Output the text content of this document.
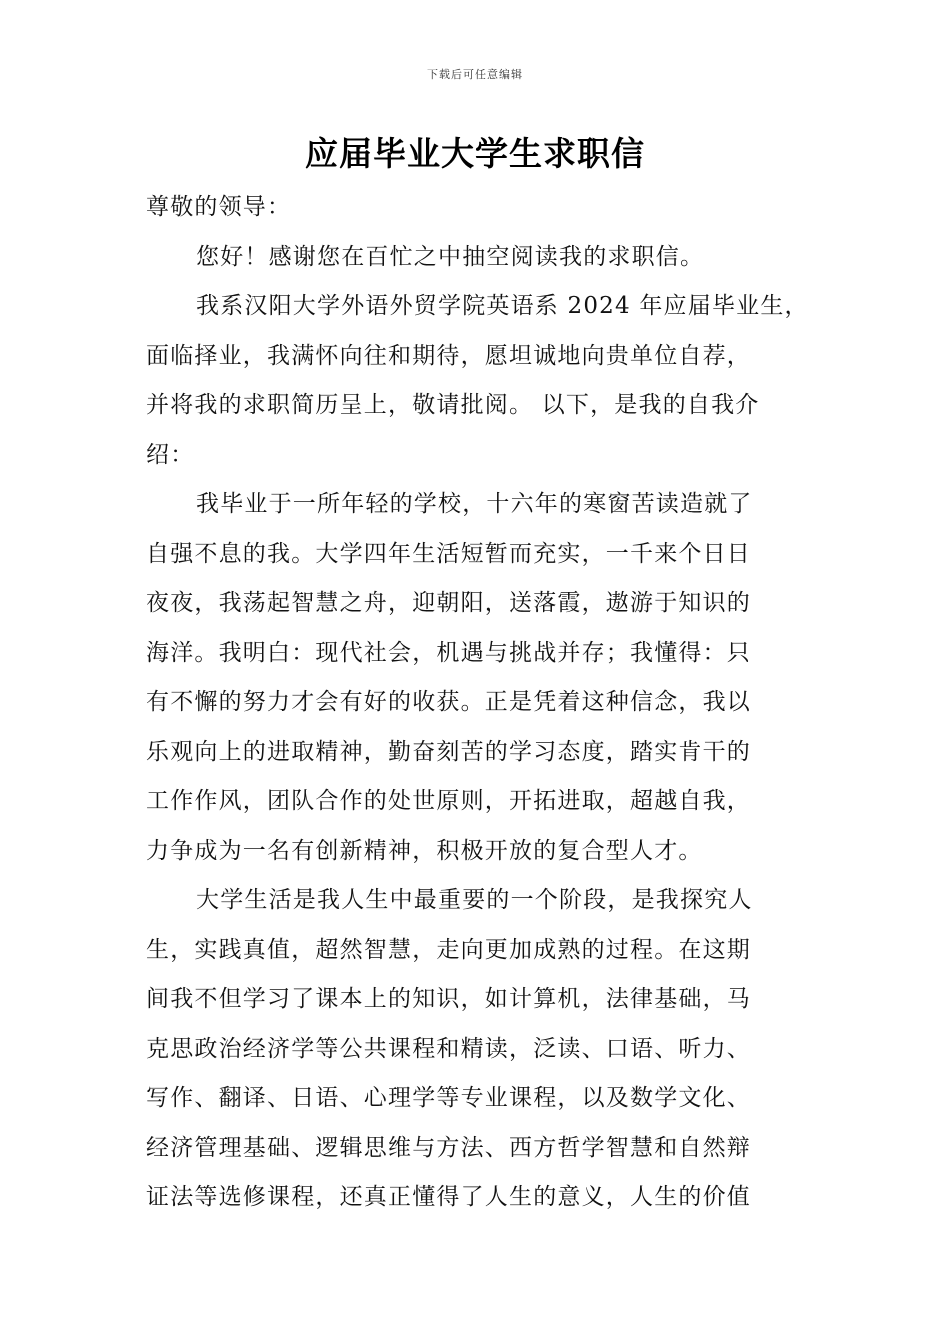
下载后可任意编辑
应届毕业大学生求职信
尊敬的领导：
您好！感谢您在百忙之中抽空阅读我的求职信。
我系汉阳大学外语外贸学院英语系 2024 年应届毕业生，
面临择业，我满怀向往和期待，愿坦诚地向贵单位自荐，
并将我的求职简历呈上，敬请批阅。 以下，是我的自我介
绍：
我毕业于一所年轻的学校，十六年的寒窗苦读造就了
自强不息的我。大学四年生活短暂而充实，一千来个日日
夜夜，我荡起智慧之舟，迎朝阳，送落霞，遨游于知识的
海洋。我明白：现代社会，机遇与挑战并存；我懂得：只
有不懈的努力才会有好的收获。正是凭着这种信念，我以
乐观向上的进取精神，勤奋刻苦的学习态度，踏实肯干的
工作作风，团队合作的处世原则，开拓进取，超越自我，
力争成为一名有创新精神，积极开放的复合型人才。
大学生活是我人生中最重要的一个阶段，是我探究人
生，实践真值，超然智慧，走向更加成熟的过程。在这期
间我不但学习了课本上的知识，如计算机，法律基础，马
克思政治经济学等公共课程和精读，泛读、口语、听力、
写作、翻译、日语、心理学等专业课程，以及数学文化、
经济管理基础、逻辑思维与方法、西方哲学智慧和自然辩
证法等选修课程，还真正懂得了人生的意义，人生的价值
